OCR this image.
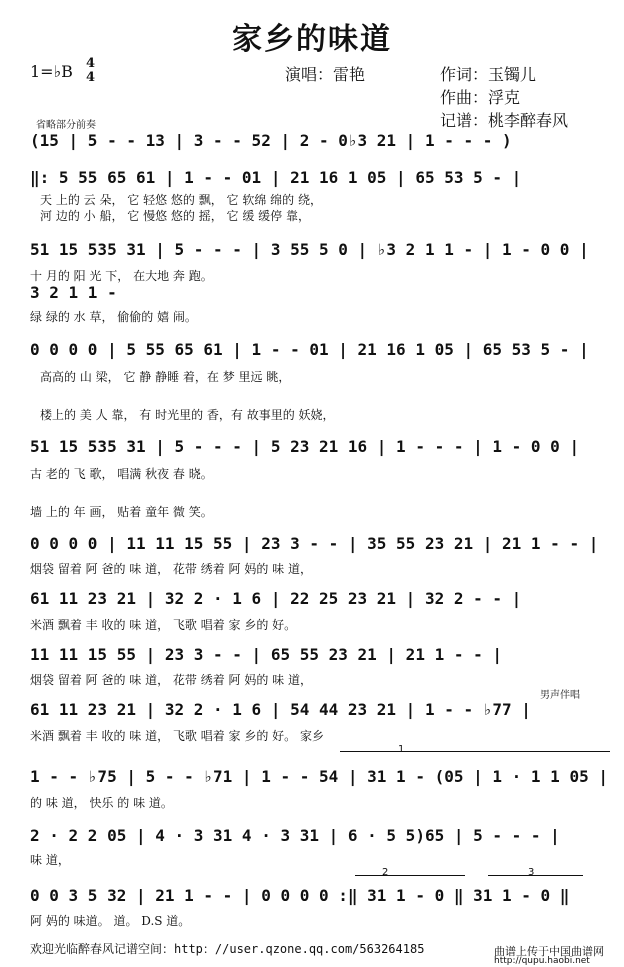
家乡的味道
1=♭B 4
4	演唱：雷艳	作词：玉镯儿
作曲：浮克
记谱：桃李醉春风
省略部分前奏
(15 | 5 - - 13 | 3 - - 52 | 2 - 0♭3 21 | 1 - - - )
‖: 5 55 65 61 | 1 - - 01 | 21 16 1 05 | 65 53 5 - |
天 上的 云 朵， 它 轻悠 悠的 飘， 它 软绵 绵的 绕，
河 边的 小 船， 它 慢悠 悠的 摇， 它 缓 缓停 靠，
51 15 535 31 | 5 - - - | 3 55 5 0 | ♭3 2 1 1 - | 1 - 0 0 |
十 月的 阳 光 下， 在大地 奔 跑。
3 2 1 1 -
绿 绿的 水 草， 偷偷的 嬉 闹。
0 0 0 0 | 5 55 65 61 | 1 - - 01 | 21 16 1 05 | 65 53 5 - |
高高的 山 梁， 它 静 静睡 着，在 梦 里远 眺，
楼上的 美 人 靠， 有 时光里的 香，有 故事里的 妖娆，
51 15 535 31 | 5 - - - | 5 23 21 16 | 1 - - - | 1 - 0 0 |
古 老的 飞 歌， 唱满 秋夜 春 晓。
墙 上的 年 画， 贴着 童年 微 笑。
0 0 0 0 | 11 11 15 55 | 23 3 - - | 35 55 23 21 | 21 1 - - |
烟袋 留着 阿 爸的 味 道， 花带 绣着 阿 妈的 味 道，
61 11 23 21 | 32 2 · 1 6 | 22 25 23 21 | 32 2 - - |
米酒 飘着 丰 收的 味 道， 飞歌 唱着 家 乡的 好。
11 11 15 55 | 23 3 - - | 65 55 23 21 | 21 1 - - |
烟袋 留着 阿 爸的 味 道， 花带 绣着 阿 妈的 味 道，
男声伴唱
61 11 23 21 | 32 2 · 1 6 | 54 44 23 21 | 1 - - ♭77 |
米酒 飘着 丰 收的 味 道， 飞歌 唱着 家 乡的 好。 家乡
1
1 - - ♭75 | 5 - - ♭71 | 1 - - 54 | 31 1 - (05 | 1 · 1 1 05 |
的 味 道， 快乐 的 味 道。
2 · 2 2 05 | 4 · 3 31 4 · 3 31 | 6 · 5 5)65 | 5 - - - |
味 道，
2	3
0 0 3 5 32 | 21 1 - - | 0 0 0 0 :‖ 31 1 - 0 ‖ 31 1 - 0 ‖
阿 妈的 味道。 道。 D.S 道。
欢迎光临醉春风记谱空间：http：//user.qzone.qq.com/563264185	曲谱上传于中国曲谱网
http://qupu.haobi.net
